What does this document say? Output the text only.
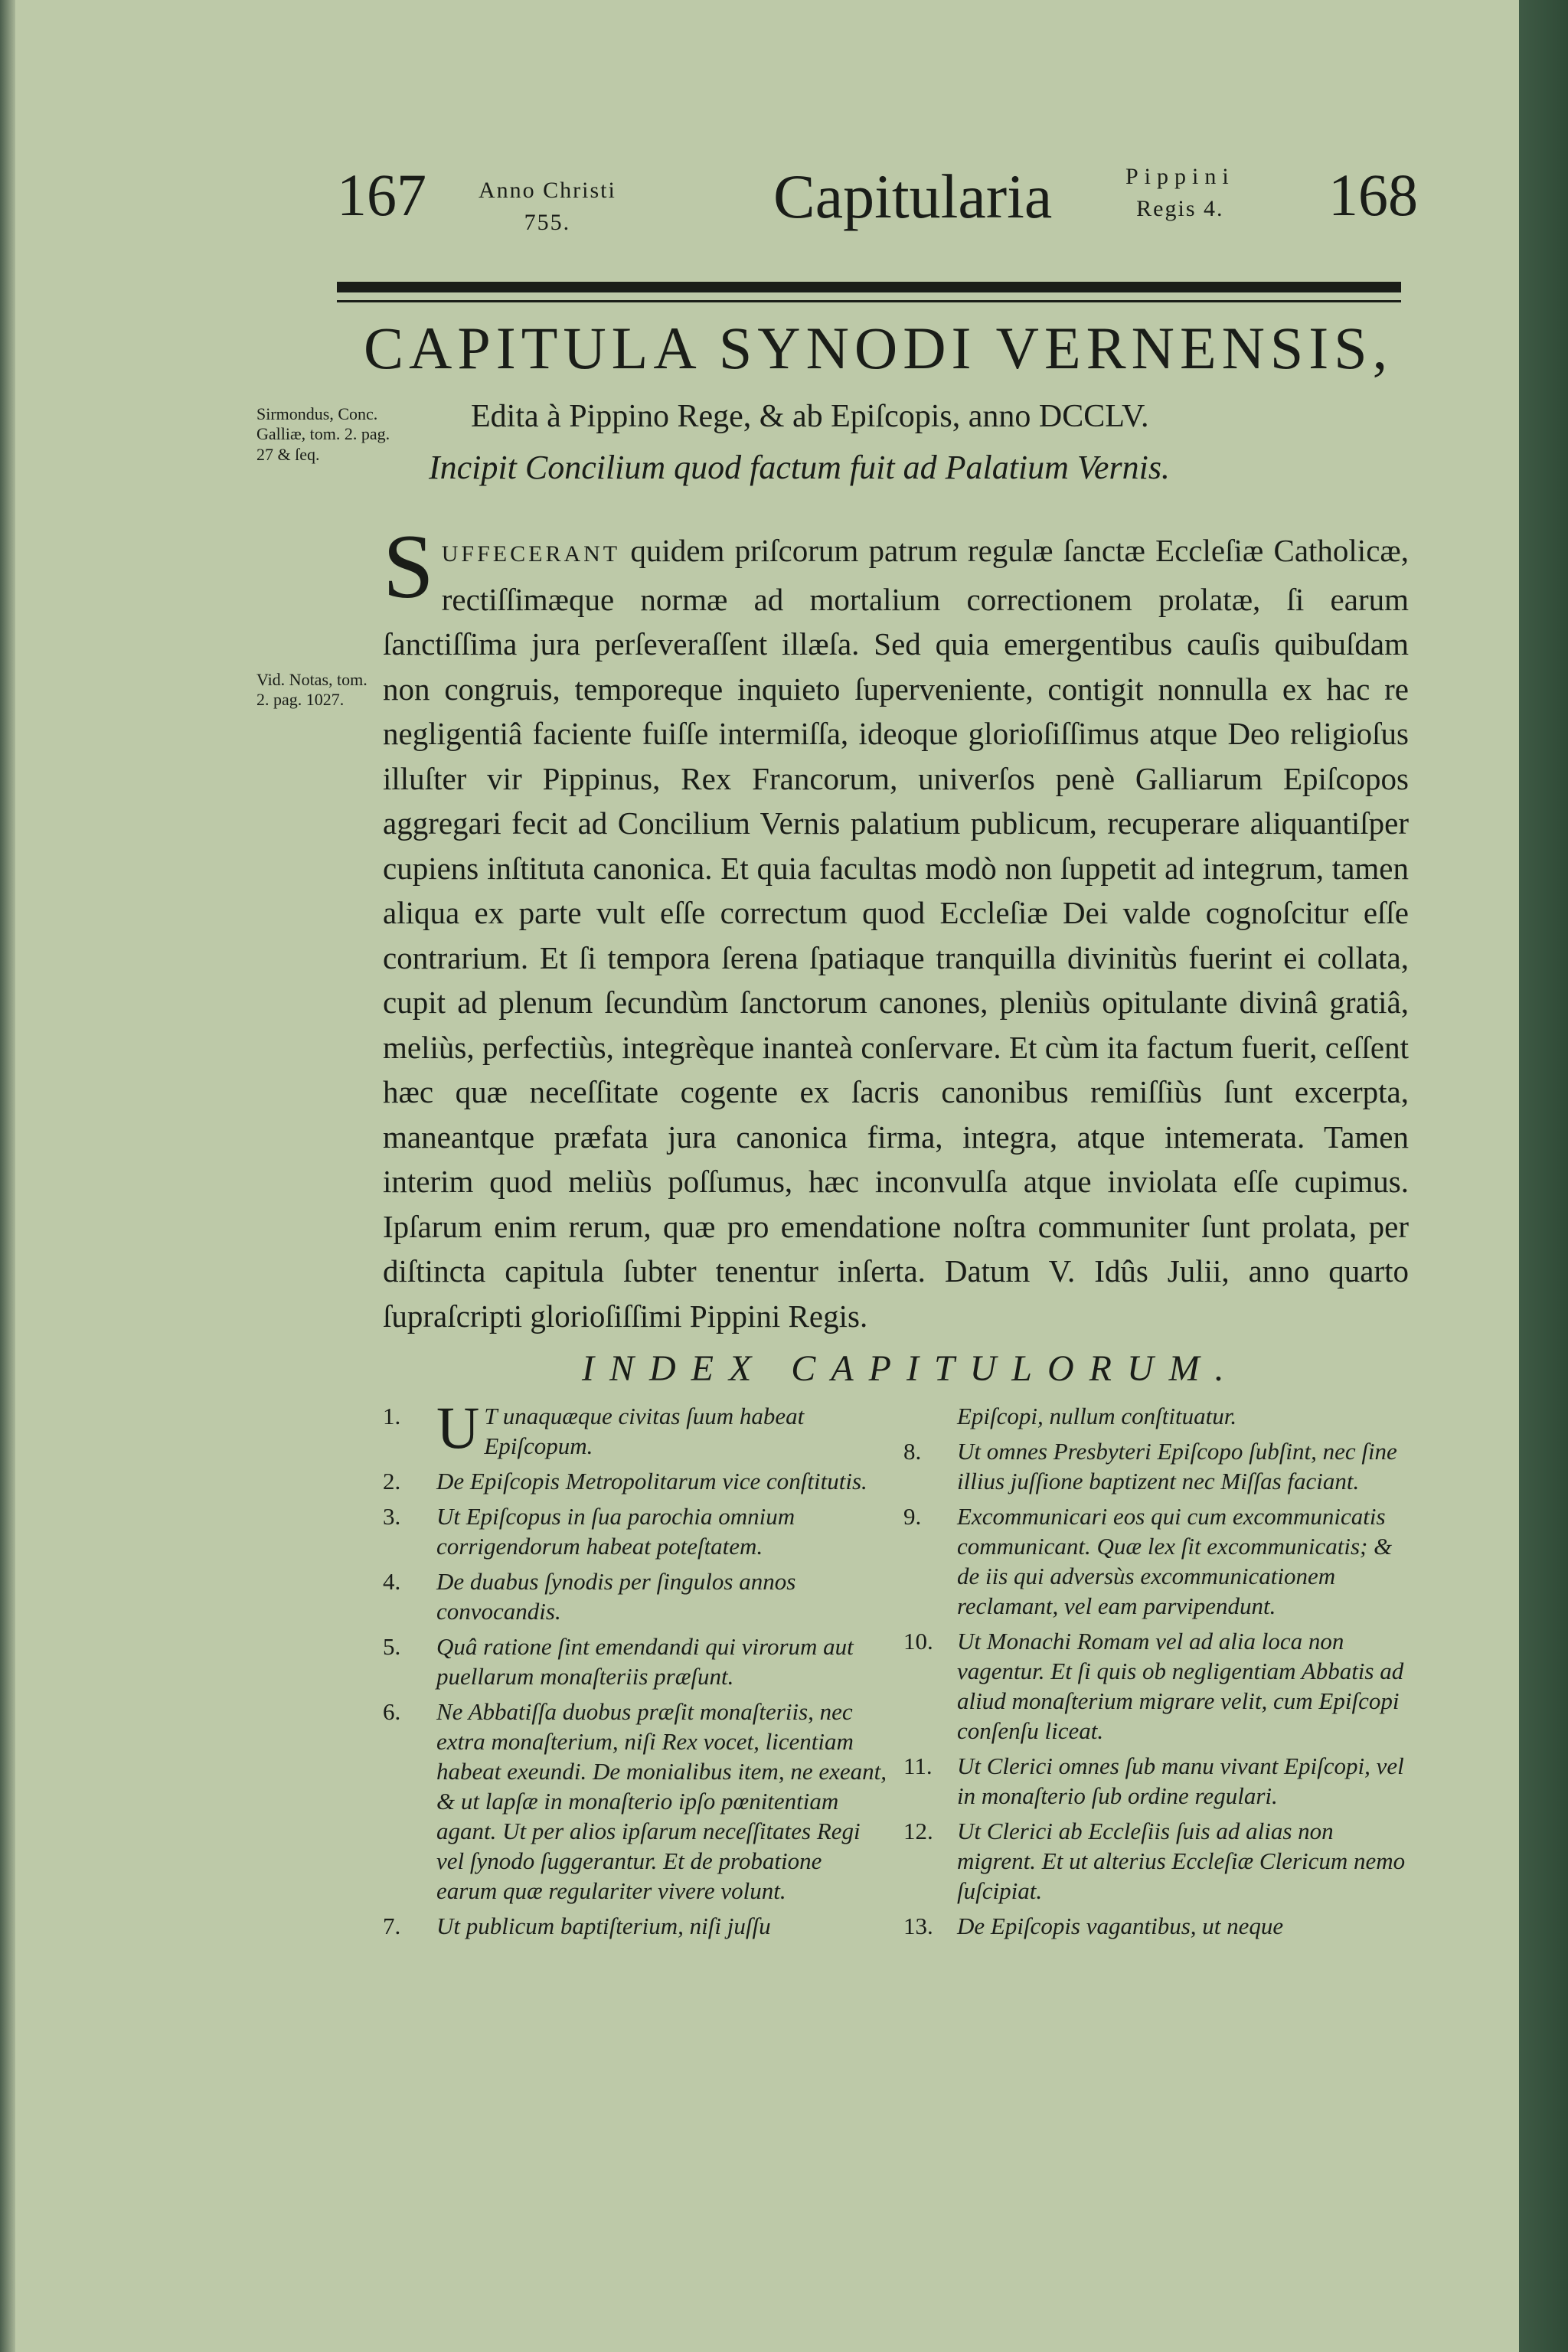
167 Anno Christi
755.	Capitularia	Pippini
Regis 4. 168
CAPITULA SYNODI VERNENSIS,
Edita à Pippino Rege, & ab Epiſcopis, anno DCCLV.
Incipit Concilium quod factum fuit ad Palatium Vernis.
Sirmondus, Conc. Galliæ, tom. 2. pag. 27 & ſeq.
Vid. Notas, tom. 2. pag. 1027.
SUFFECERANT quidem priſcorum patrum regulæ ſanctæ Eccleſiæ Catholicæ, rectiſſimæque normæ ad mortalium correctionem prolatæ, ſi earum ſanctiſſima jura perſeveraſſent illæſa. Sed quia emergentibus cauſis quibuſdam non congruis, temporeque inquieto ſuperveniente, contigit nonnulla ex hac re negligentiâ faciente fuiſſe intermiſſa, ideoque glorioſiſſimus atque Deo religioſus illuſter vir Pippinus, Rex Francorum, univerſos penè Galliarum Epiſcopos aggregari fecit ad Concilium Vernis palatium publicum, recuperare aliquantiſper cupiens inſtituta canonica. Et quia facultas modò non ſuppetit ad integrum, tamen aliqua ex parte vult eſſe correctum quod Eccleſiæ Dei valde cognoſcitur eſſe contrarium. Et ſi tempora ſerena ſpatiaque tranquilla divinitùs fuerint ei collata, cupit ad plenum ſecundùm ſanctorum canones, pleniùs opitulante divinâ gratiâ, meliùs, perfectiùs, integrèque inanteà conſervare. Et cùm ita factum fuerit, ceſſent hæc quæ neceſſitate cogente ex ſacris canonibus remiſſiùs ſunt excerpta, maneantque præfata jura canonica firma, integra, atque intemerata. Tamen interim quod meliùs poſſumus, hæc inconvulſa atque inviolata eſſe cupimus. Ipſarum enim rerum, quæ pro emendatione noſtra communiter ſunt prolata, per diſtincta capitula ſubter tenentur inſerta. Datum V. Idûs Julii, anno quarto ſupraſcripti glorioſiſſimi Pippini Regis.
INDEX CAPITULORUM.
1. U T unaquæque civitas ſuum habeat Epiſcopum.
2. De Epiſcopis Metropolitarum vice conſtitutis.
3. Ut Epiſcopus in ſua parochia omnium corrigendorum habeat poteſtatem.
4. De duabus ſynodis per ſingulos annos convocandis.
5. Quâ ratione ſint emendandi qui virorum aut puellarum monaſteriis præſunt.
6. Ne Abbatiſſa duobus præſit monaſteriis, nec extra monaſterium, niſi Rex vocet, licentiam habeat exeundi. De monialibus item, ne exeant, & ut lapſæ in monaſterio ipſo pœnitentiam agant. Ut per alios ipſarum neceſſitates Regi vel ſynodo ſuggerantur. Et de probatione earum quæ regulariter vivere volunt.
7. Ut publicum baptiſterium, niſi juſſu
Epiſcopi, nullum conſtituatur.
8. Ut omnes Presbyteri Epiſcopo ſubſint, nec ſine illius juſſione baptizent nec Miſſas faciant.
9. Excommunicari eos qui cum excommunicatis communicant. Quæ lex ſit excommunicatis; & de iis qui adversùs excommunicationem reclamant, vel eam parvipendunt.
10. Ut Monachi Romam vel ad alia loca non vagentur. Et ſi quis ob negligentiam Abbatis ad aliud monaſterium migrare velit, cum Epiſcopi conſenſu liceat.
11. Ut Clerici omnes ſub manu vivant Epiſcopi, vel in monaſterio ſub ordine regulari.
12. Ut Clerici ab Eccleſiis ſuis ad alias non migrent. Et ut alterius Eccleſiæ Clericum nemo ſuſcipiat.
13. De Epiſcopis vagantibus, ut neque
